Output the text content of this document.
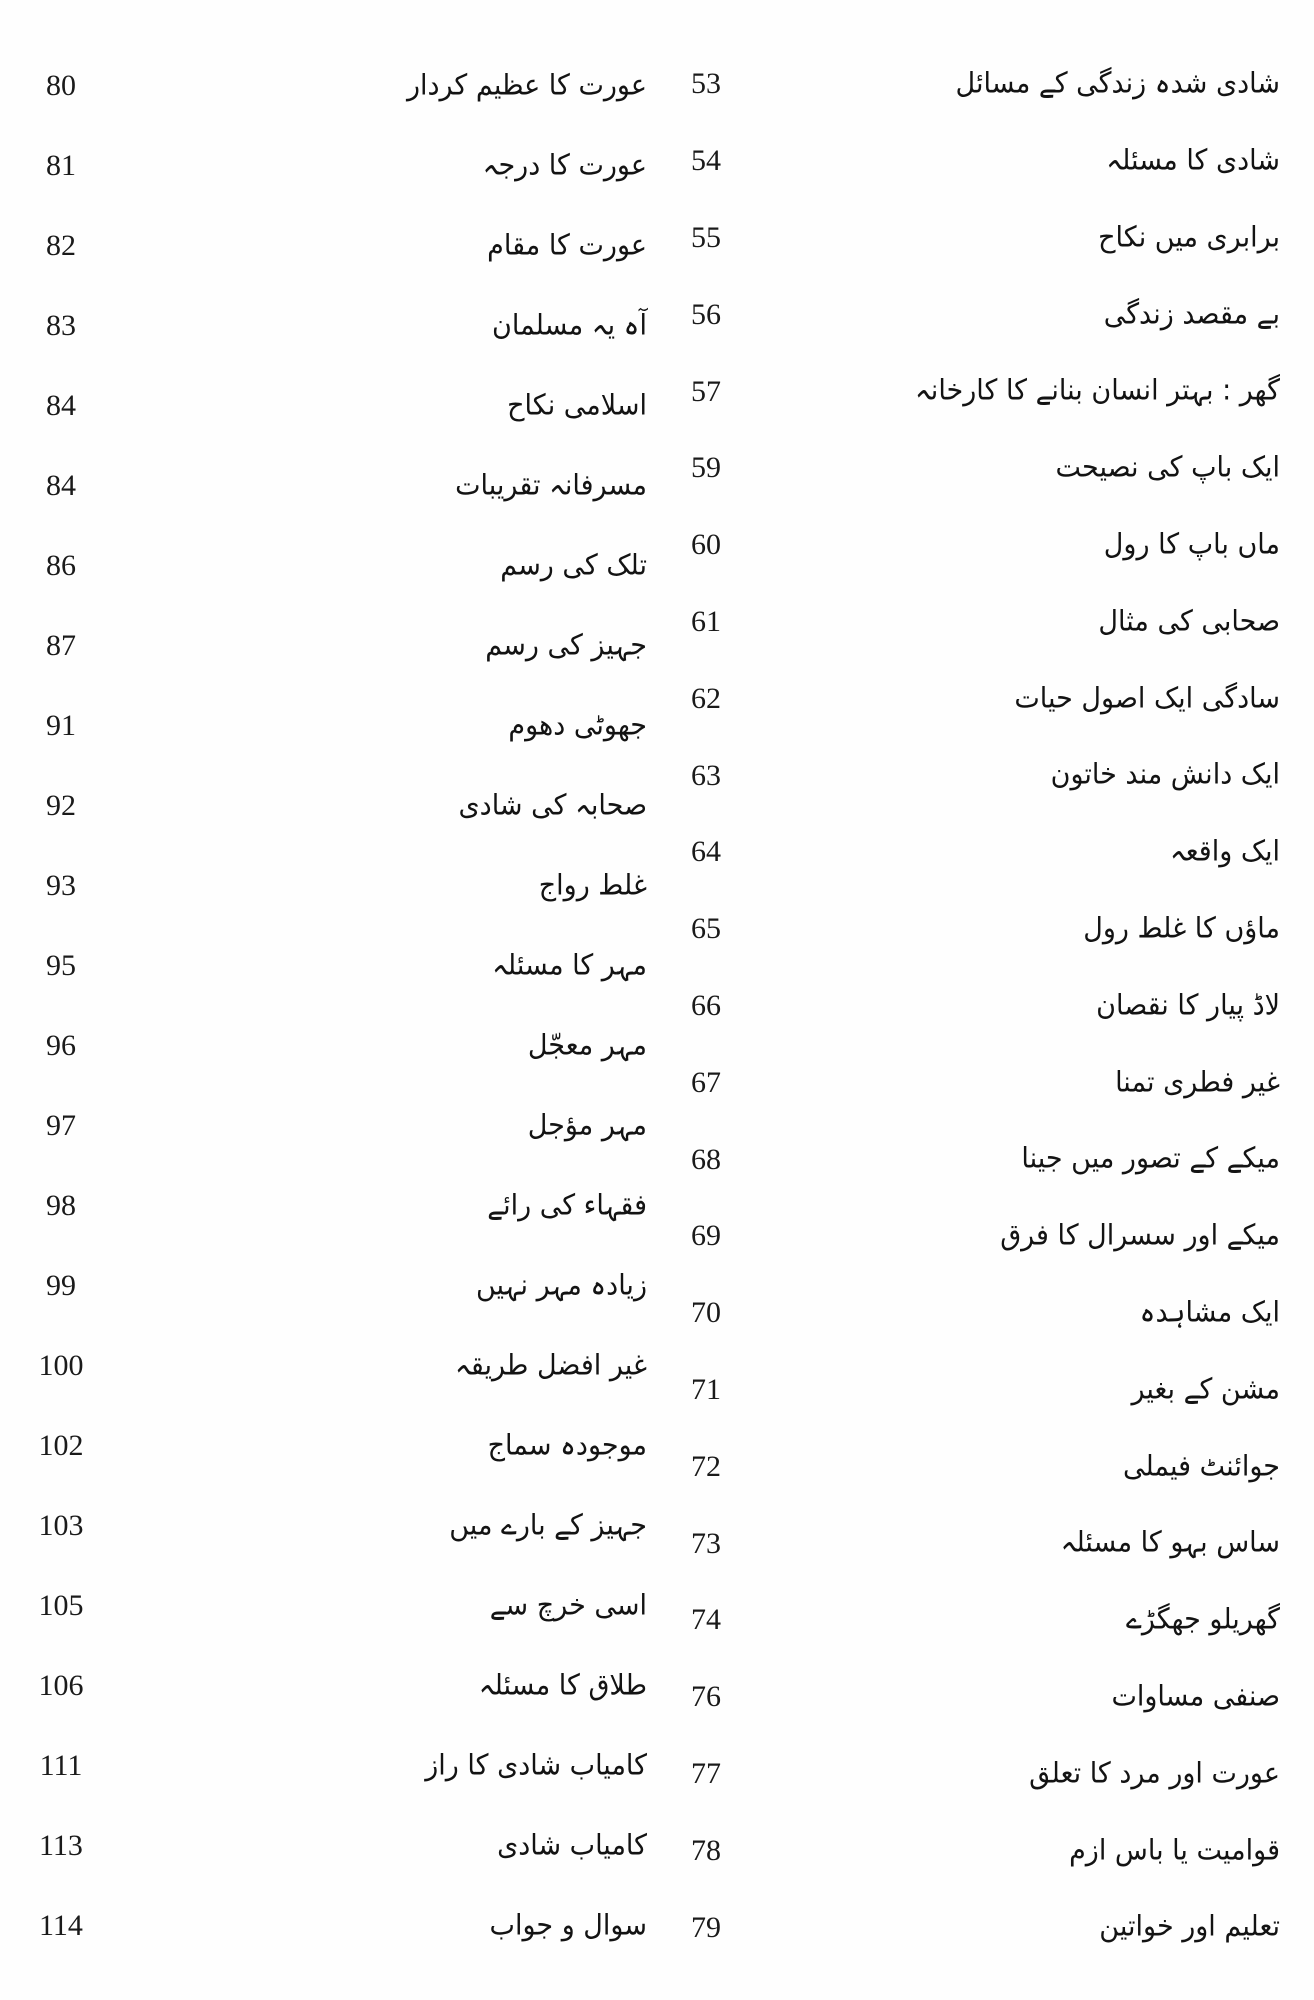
شادی شدہ زندگی کے مسائل
53
شادی کا مسئلہ
54
برابری میں نکاح
55
بے مقصد زندگی
56
گھر : بہتر انسان بنانے کا کارخانہ
57
ایک باپ کی نصیحت
59
ماں باپ کا رول
60
صحابی کی مثال
61
سادگی ایک اصول حیات
62
ایک دانش مند خاتون
63
ایک واقعہ
64
ماؤں کا غلط رول
65
لاڈ پیار کا نقصان
66
غیر فطری تمنا
67
میکے کے تصور میں جینا
68
میکے اور سسرال کا فرق
69
ایک مشاہدہ
70
مشن کے بغیر
71
جوائنٹ فیملی
72
ساس بہو کا مسئلہ
73
گھریلو جھگڑے
74
صنفی مساوات
76
عورت اور مرد کا تعلق
77
قوامیت یا باس ازم
78
تعلیم اور خواتین
79
عورت کا عظیم کردار
80
عورت کا درجہ
81
عورت کا مقام
82
آہ یہ مسلمان
83
اسلامی نکاح
84
مسرفانہ تقریبات
84
تلک کی رسم
86
جہیز کی رسم
87
جھوٹی دھوم
91
صحابہ کی شادی
92
غلط رواج
93
مہر کا مسئلہ
95
مہر معجّل
96
مہر مؤجل
97
فقہاء کی رائے
98
زیادہ مہر نہیں
99
غیر افضل طریقہ
100
موجودہ سماج
102
جہیز کے بارے میں
103
اسی خرچ سے
105
طلاق کا مسئلہ
106
کامیاب شادی کا راز
111
کامیاب شادی
113
سوال و جواب
114
